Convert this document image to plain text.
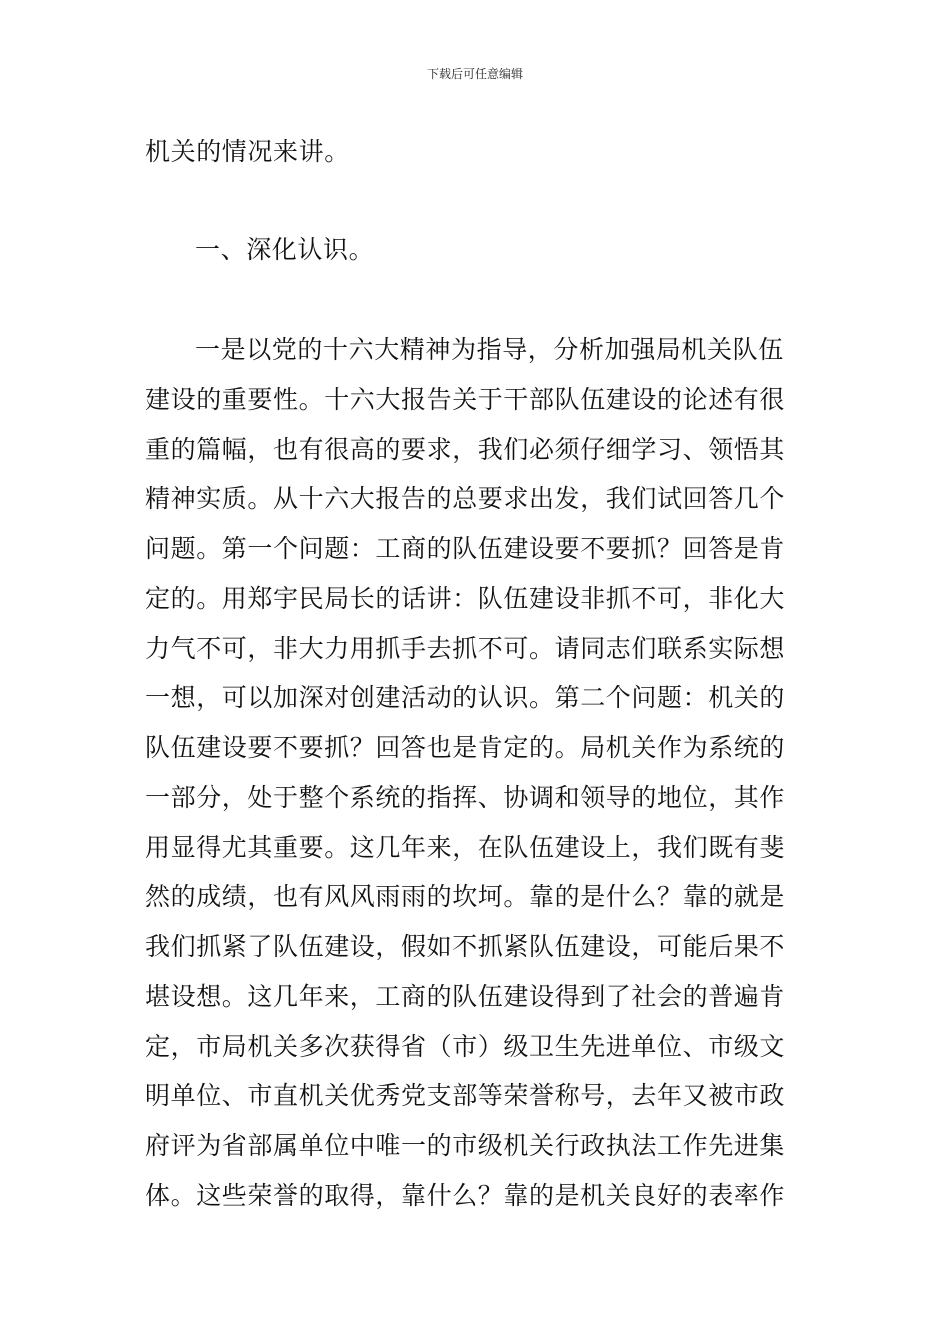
下载后可任意编辑
机关的情况来讲。
一、深化认识。
一是以党的十六大精神为指导，分析加强局机关队伍
建设的重要性。十六大报告关于干部队伍建设的论述有很
重的篇幅，也有很高的要求，我们必须仔细学习、领悟其
精神实质。从十六大报告的总要求出发，我们试回答几个
问题。第一个问题：工商的队伍建设要不要抓？回答是肯
定的。用郑宇民局长的话讲：队伍建设非抓不可，非化大
力气不可，非大力用抓手去抓不可。请同志们联系实际想
一想，可以加深对创建活动的认识。第二个问题：机关的
队伍建设要不要抓？回答也是肯定的。局机关作为系统的
一部分，处于整个系统的指挥、协调和领导的地位，其作
用显得尤其重要。这几年来，在队伍建设上，我们既有斐
然的成绩，也有风风雨雨的坎坷。靠的是什么？靠的就是
我们抓紧了队伍建设，假如不抓紧队伍建设，可能后果不
堪设想。这几年来，工商的队伍建设得到了社会的普遍肯
定，市局机关多次获得省（市）级卫生先进单位、市级文
明单位、市直机关优秀党支部等荣誉称号，去年又被市政
府评为省部属单位中唯一的市级机关行政执法工作先进集
体。这些荣誉的取得，靠什么？靠的是机关良好的表率作
